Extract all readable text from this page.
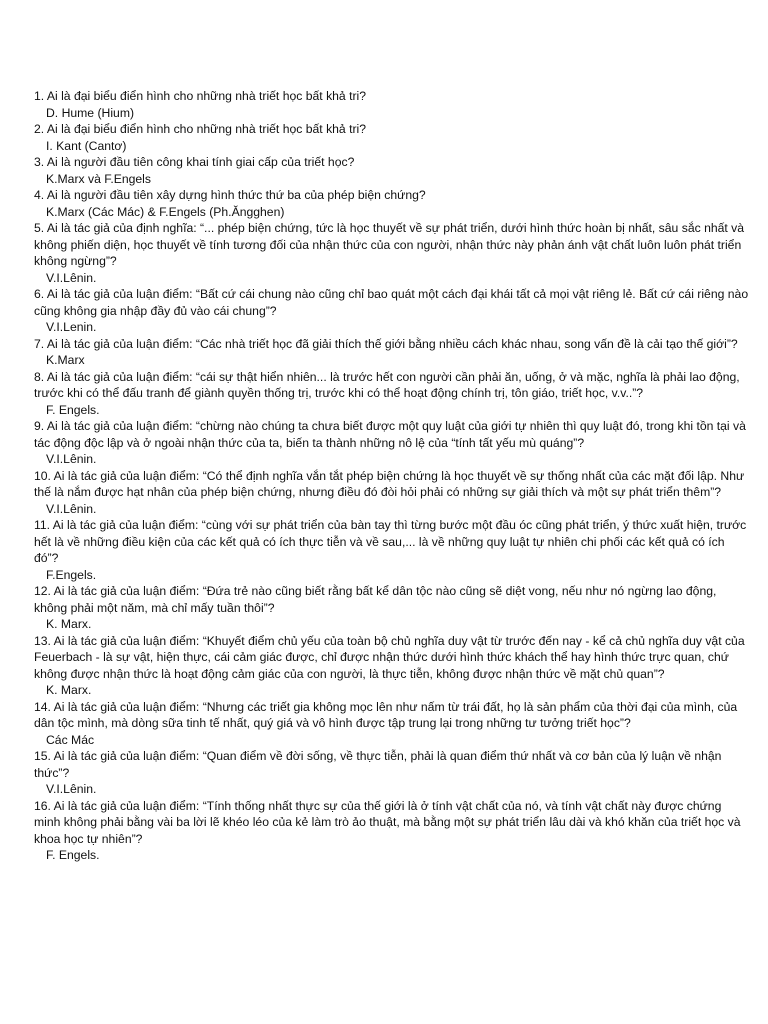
1. Ai là đại biểu điển hình cho những nhà triết học bất khả tri?
D. Hume (Hium)
2. Ai là đại biểu điển hình cho những nhà triết học bất khả tri?
I. Kant (Cantơ)
3. Ai là người đầu tiên công khai tính giai cấp của triết học?
K.Marx và F.Engels
4. Ai là người đầu tiên xây dựng hình thức thứ ba của phép biện chứng?
K.Marx (Các Mác) & F.Engels (Ph.Ăngghen)
5. Ai là tác giả của định nghĩa: “... phép biện chứng, tức là học thuyết về sự phát triển, dưới hình thức hoàn bị nhất, sâu sắc nhất và không phiến diện, học thuyết về tính tương đối của nhận thức của con người, nhận thức này phản ánh vật chất luôn luôn phát triển không ngừng”?
V.I.Lênin.
6. Ai là tác giả của luận điểm: “Bất cứ cái chung nào cũng chỉ bao quát một cách đại khái tất cả mọi vật riêng lẻ. Bất cứ cái riêng nào cũng không gia nhập đầy đủ vào cái chung”?
V.I.Lenin.
7. Ai là tác giả của luận điểm: “Các nhà triết học đã giải thích thế giới bằng nhiều cách khác nhau, song vấn đề là cải tạo thế giới”?
K.Marx
8. Ai là tác giả của luận điểm: “cái sự thật hiển nhiên... là trước hết con người cần phải ăn, uống, ở và mặc, nghĩa là phải lao động, trước khi có thể đấu tranh để giành quyền thống trị, trước khi có thể hoạt động chính trị, tôn giáo, triết học, v.v..”?
F. Engels.
9. Ai là tác giả của luận điểm: “chừng nào chúng ta chưa biết được một quy luật của giới tự nhiên thì quy luật đó, trong khi tồn tại và tác động độc lập và ở ngoài nhận thức của ta, biến ta thành những nô lệ của “tính tất yếu mù quáng”?
V.I.Lênin.
10. Ai là tác giả của luận điểm: “Có thể định nghĩa vắn tắt phép biện chứng là học thuyết về sự thống nhất của các mặt đối lập. Như thế là nắm được hạt nhân của phép biện chứng, nhưng điều đó đòi hỏi phải có những sự giải thích và một sự phát triển thêm”?
V.I.Lênin.
11. Ai là tác giả của luận điểm: “cùng với sự phát triển của bàn tay thì từng bước một đầu óc cũng phát triển, ý thức xuất hiện, trước hết là về những điều kiện của các kết quả có ích thực tiễn và về sau,... là về những quy luật tự nhiên chi phối các kết quả có ích đó”?
F.Engels.
12. Ai là tác giả của luận điểm: “Đứa trẻ nào cũng biết rằng bất kể dân tộc nào cũng sẽ diệt vong, nếu như nó ngừng lao động, không phải một năm, mà chỉ mấy tuần thôi”?
K. Marx.
13. Ai là tác giả của luận điểm: “Khuyết điểm chủ yếu của toàn bộ chủ nghĩa duy vật từ trước đến nay - kể cả chủ nghĩa duy vật của Feuerbach - là sự vật, hiện thực, cái cảm giác được, chỉ được nhận thức dưới hình thức khách thể hay hình thức trực quan, chứ không được nhận thức là hoạt động cảm giác của con người, là thực tiễn, không được nhận thức về mặt chủ quan”?
K. Marx.
14. Ai là tác giả của luận điểm: “Nhưng các triết gia không mọc lên như nấm từ trái đất, họ là sản phẩm của thời đại của mình, của dân tộc mình, mà dòng sữa tinh tế nhất, quý giá và vô hình được tập trung lại trong những tư tưởng triết học”?
Các Mác
15. Ai là tác giả của luận điểm: “Quan điểm về đời sống, về thực tiễn, phải là quan điểm thứ nhất và cơ bản của lý luận về nhận thức”?
V.I.Lênin.
16. Ai là tác giả của luận điểm: “Tính thống nhất thực sự của thế giới là ở tính vật chất của nó, và tính vật chất này được chứng minh không phải bằng vài ba lời lẽ khéo léo của kẻ làm trò ảo thuật, mà bằng một sự phát triển lâu dài và khó khăn của triết học và khoa học tự nhiên”?
F. Engels.
